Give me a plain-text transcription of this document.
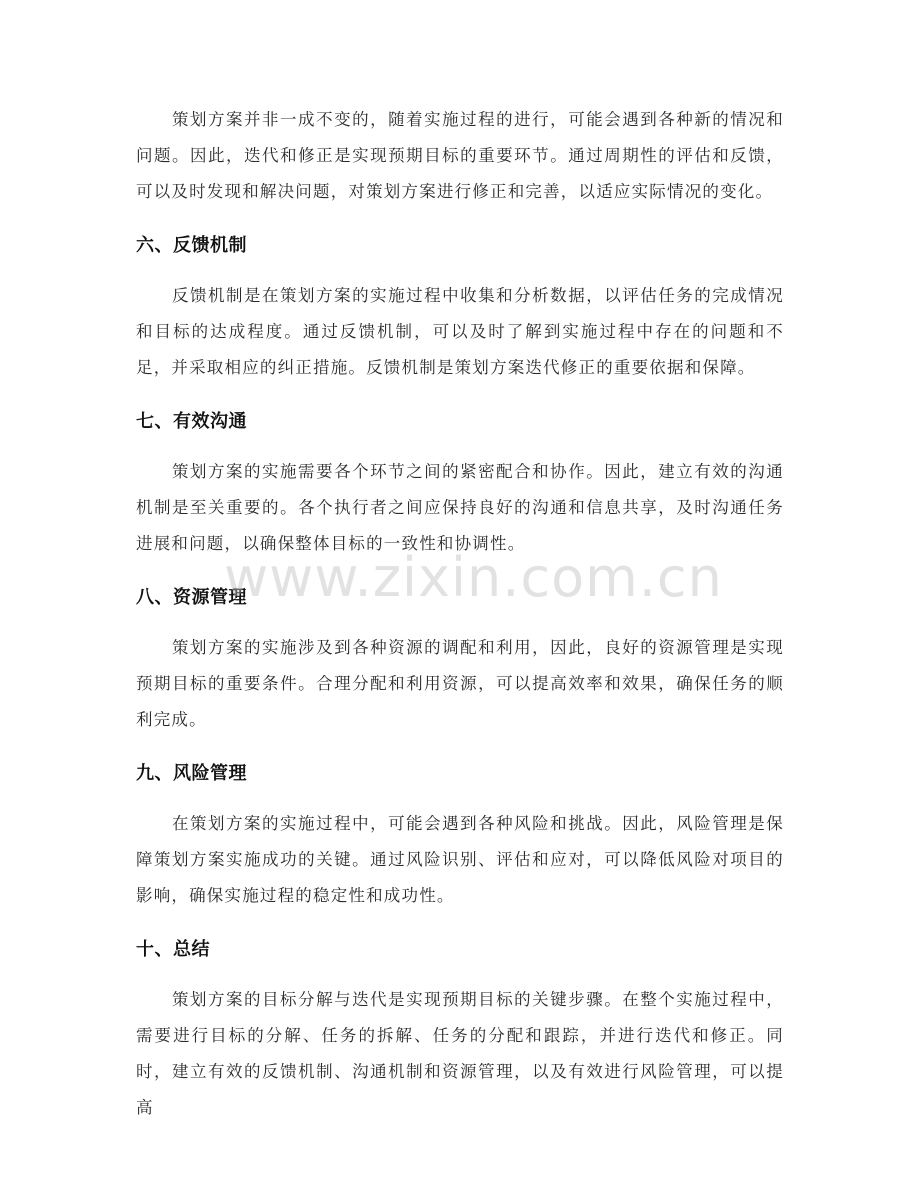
策划方案并非一成不变的，随着实施过程的进行，可能会遇到各种新的情况和问题。因此，迭代和修正是实现预期目标的重要环节。通过周期性的评估和反馈，可以及时发现和解决问题，对策划方案进行修正和完善，以适应实际情况的变化。

六、反馈机制

反馈机制是在策划方案的实施过程中收集和分析数据，以评估任务的完成情况和目标的达成程度。通过反馈机制，可以及时了解到实施过程中存在的问题和不足，并采取相应的纠正措施。反馈机制是策划方案迭代修正的重要依据和保障。

七、有效沟通

策划方案的实施需要各个环节之间的紧密配合和协作。因此，建立有效的沟通机制是至关重要的。各个执行者之间应保持良好的沟通和信息共享，及时沟通任务进展和问题，以确保整体目标的一致性和协调性。

八、资源管理

策划方案的实施涉及到各种资源的调配和利用，因此，良好的资源管理是实现预期目标的重要条件。合理分配和利用资源，可以提高效率和效果，确保任务的顺利完成。

九、风险管理

在策划方案的实施过程中，可能会遇到各种风险和挑战。因此，风险管理是保障策划方案实施成功的关键。通过风险识别、评估和应对，可以降低风险对项目的影响，确保实施过程的稳定性和成功性。

十、总结

策划方案的目标分解与迭代是实现预期目标的关键步骤。在整个实施过程中，需要进行目标的分解、任务的拆解、任务的分配和跟踪，并进行迭代和修正。同时，建立有效的反馈机制、沟通机制和资源管理，以及有效进行风险管理，可以提高

www.zixin.com.cn
